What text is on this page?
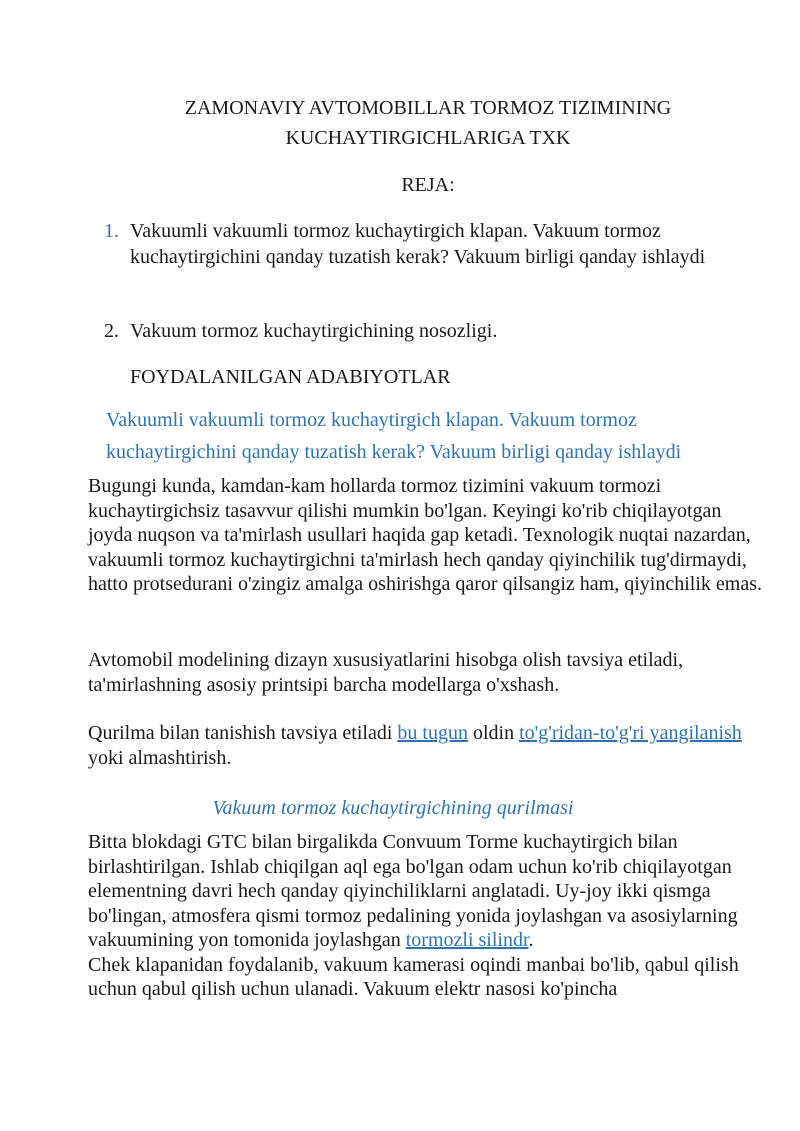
ZAMONAVIY AVTOMOBILLAR TORMOZ TIZIMINING
KUCHAYTIRGICHLARIGA TXK
REJA:
1. Vakuumli vakuumli tormoz kuchaytirgich klapan. Vakuum tormoz kuchaytirgichini qanday tuzatish kerak? Vakuum birligi qanday ishlaydi
2. Vakuum tormoz kuchaytirgichining nosozligi.
FOYDALANILGAN ADABIYOTLAR
Vakuumli vakuumli tormoz kuchaytirgich klapan. Vakuum tormoz kuchaytirgichini qanday tuzatish kerak? Vakuum birligi qanday ishlaydi
Bugungi kunda, kamdan-kam hollarda tormoz tizimini vakuum tormozi kuchaytirgichsiz tasavvur qilishi mumkin bo'lgan. Keyingi ko'rib chiqilayotgan joyda nuqson va ta'mirlash usullari haqida gap ketadi. Texnologik nuqtai nazardan, vakuumli tormoz kuchaytirgichni ta'mirlash hech qanday qiyinchilik tug'dirmaydi, hatto protsedurani o'zingiz amalga oshirishga qaror qilsangiz ham, qiyinchilik emas.
Avtomobil modelining dizayn xususiyatlarini hisobga olish tavsiya etiladi, ta'mirlashning asosiy printsipi barcha modellarga o'xshash.
Qurilma bilan tanishish tavsiya etiladi bu tugun oldin to'g'ridan-to'g'ri yangilanish yoki almashtirish.
Vakuum tormoz kuchaytirgichining qurilmasi
Bitta blokdagi GTC bilan birgalikda Convuum Torme kuchaytirgich bilan birlashtirilgan. Ishlab chiqilgan aql ega bo'lgan odam uchun ko'rib chiqilayotgan elementning davri hech qanday qiyinchiliklarni anglatadi. Uy-joy ikki qismga bo'lingan, atmosfera qismi tormoz pedalining yonida joylashgan va asosiylarning vakuumining yon tomonida joylashgan tormozli silindr.
Chek klapanidan foydalanib, vakuum kamerasi oqindi manbai bo'lib, qabul qilish uchun qabul qilish uchun ulanadi. Vakuum elektr nasosi ko'pincha
